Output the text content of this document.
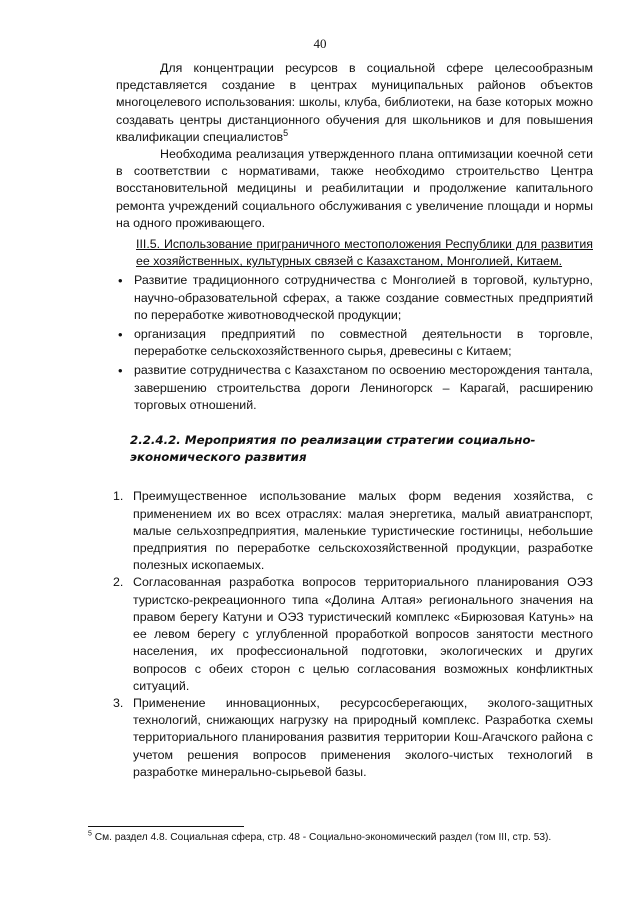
40

Для концентрации ресурсов в социальной сфере целесообразным представляется создание в центрах муниципальных районов объектов многоцелевого использования: школы, клуба, библиотеки, на базе которых можно создавать центры дистанционного обучения для школьников и для повышения квалификации специалистов$^5$

Необходима реализация утвержденного плана оптимизации коечной сети в соответствии с нормативами, также необходимо строительство Центра восстановительной медицины и реабилитации и продолжение капитального ремонта учреждений социального обслуживания с увеличение площади и нормы на одного проживающего.

III.5. Использование приграничного местоположения Республики для развития ее хозяйственных, культурных связей с Казахстаном, Монголией, Китаем.

• Развитие традиционного сотрудничества с Монголией в торговой, культурно, научно-образовательной сферах, а также создание совместных предприятий по переработке животноводческой продукции;
• организация предприятий по совместной деятельности в торговле, переработке сельскохозяйственного сырья, древесины с Китаем;
• развитие сотрудничества с Казахстаном по освоению месторождения тантала, завершению строительства дороги Лениногорск – Карагай, расширению торговых отношений.
2.2.4.2. Мероприятия по реализации стратегии социально-экономического развития
1. Преимущественное использование малых форм ведения хозяйства, с применением их во всех отраслях: малая энергетика, малый авиатранспорт, малые сельхозпредприятия, маленькие туристические гостиницы, небольшие предприятия по переработке сельскохозяйственной продукции, разработке полезных ископаемых.
2. Согласованная разработка вопросов территориального планирования ОЭЗ туристско-рекреационного типа «Долина Алтая» регионального значения на правом берегу Катуни и ОЭЗ туристический комплекс «Бирюзовая Катунь» на ее левом берегу с углубленной проработкой вопросов занятости местного населения, их профессиональной подготовки, экологических и других вопросов с обеих сторон с целью согласования возможных конфликтных ситуаций.
3. Применение инновационных, ресурсосберегающих, эколого-защитных технологий, снижающих нагрузку на природный комплекс. Разработка схемы территориального планирования развития территории Кош-Агачского района с учетом решения вопросов применения эколого-чистых технологий в разработке минерально-сырьевой базы.
$^5$ См. раздел 4.8. Социальная сфера, стр. 48 - Социально-экономический раздел (том III, стр. 53).
